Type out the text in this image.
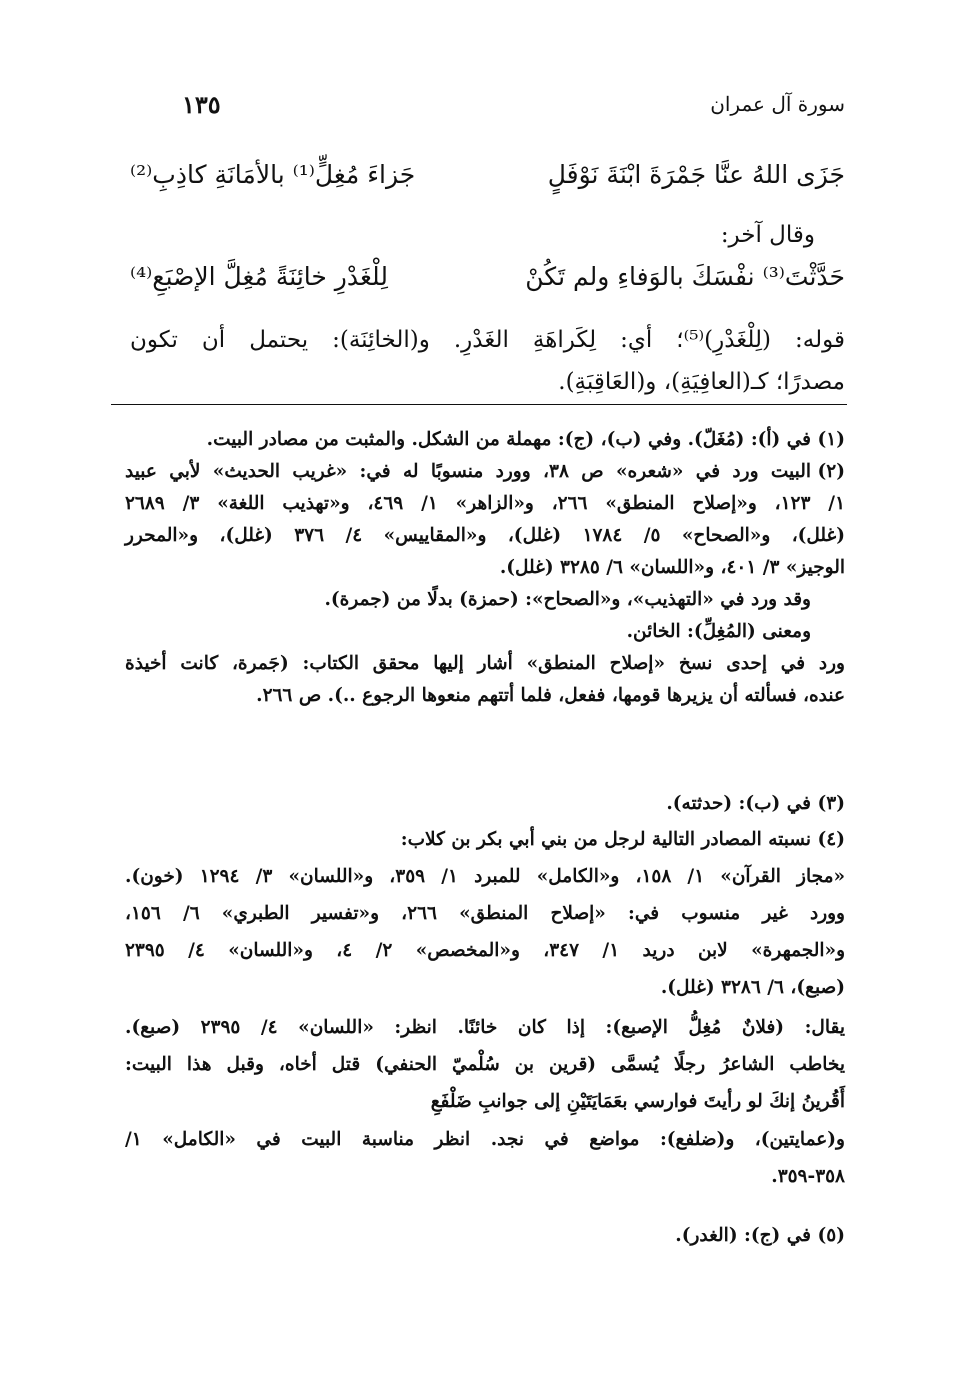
سورة آل عمران
١٣٥
جَزَى اللهُ عنَّا جَمْرَةَ ابْنَةَ نَوْفَلٍ
جَزاءَ مُغِلٍّ⁽¹⁾ بالأمَانَةِ كاذِبِ⁽²⁾
وقال آخر:
حَدَّثْتَ⁽³⁾ نفْسَكَ بالوَفاءِ ولم تَكُنْ
لِلْغَدْرِ خائِنَةً مُغِلَّ الإصْبَعِ⁽⁴⁾
قوله: (لِلْغَدْرِ)⁽⁵⁾؛ أي: لِكَراهَةِ الغَدْرِ. و(الخائِنَة): يحتمل أن تكون
مصدرًا؛ كـ(العافِيَةِ)، و(العَاقِبَةِ).
(١)
في (أ): (مُغَلّ). وفي (ب)، (ج): مهملة من الشكل. والمثبت من مصادر البيت.
(٢)
البيت ورد في «شعره» ص ٣٨، وورد منسوبًا له في: «غريب الحديث» لأبي عبيد
١/ ١٢٣، و«إصلاح المنطق» ٢٦٦، و«الزاهر» ١/ ٤٦٩، و«تهذيب اللغة» ٣/ ٢٦٨٩
(غلل)، و«الصحاح» ٥/ ١٧٨٤ (غلل)، و«المقاييس» ٤/ ٣٧٦ (غلل)، و«المحرر
الوجيز» ٣/ ٤٠١، و«اللسان» ٦/ ٣٢٨٥ (غلل).
وقد ورد في «التهذيب»، و«الصحاح»: (حمزة) بدلًا من (جمرة).
ومعنى (المُغِلِّ): الخائن.
ورد في إحدى نسخ «إصلاح المنطق» أشار إليها محقق الكتاب: (جَمرة، كانت أخيذة
عنده، فسألته أن يزيرها قومها، ففعل، فلما أتتهم منعوها الرجوع ..). ص ٢٦٦.
(٣)
في (ب): (حدثته).
(٤)
نسبته المصادر التالية لرجل من بني أبي بكر بن كلاب:
«مجاز القرآن» ١/ ١٥٨، و«الكامل» للمبرد ١/ ٣٥٩، و«اللسان» ٣/ ١٢٩٤ (خون).
وورد غير منسوب في: «إصلاح المنطق» ٢٦٦، و«تفسير الطبري» ٦/ ١٥٦،
و«الجمهرة» لابن دريد ١/ ٣٤٧، و«المخصص» ٢/ ٤، و«اللسان» ٤/ ٢٣٩٥
(صبع)، ٦/ ٣٢٨٦ (غلل).
يقال: (فلانٌ مُغِلُّ الإصبع): إذا كان خائنًا. انظر: «اللسان» ٤/ ٢٣٩٥ (صبع).
يخاطب الشاعرُ رجلًا يُسمَّى (قرين بن سُلْميّ الحنفي) قتل أخاه، وقبل هذا البيت:
أَقُرينُ إنكَ لو رأيتَ فوارسي بعَمَايَتَيْنِ إلى جوانبِ ضَلْفَعِ
و(عمايتين)، و(ضلفع): مواضع في نجد. انظر مناسبة البيت في «الكامل» ١/
٣٥٨-٣٥٩.
(٥)
في (ج): (الغدر).
